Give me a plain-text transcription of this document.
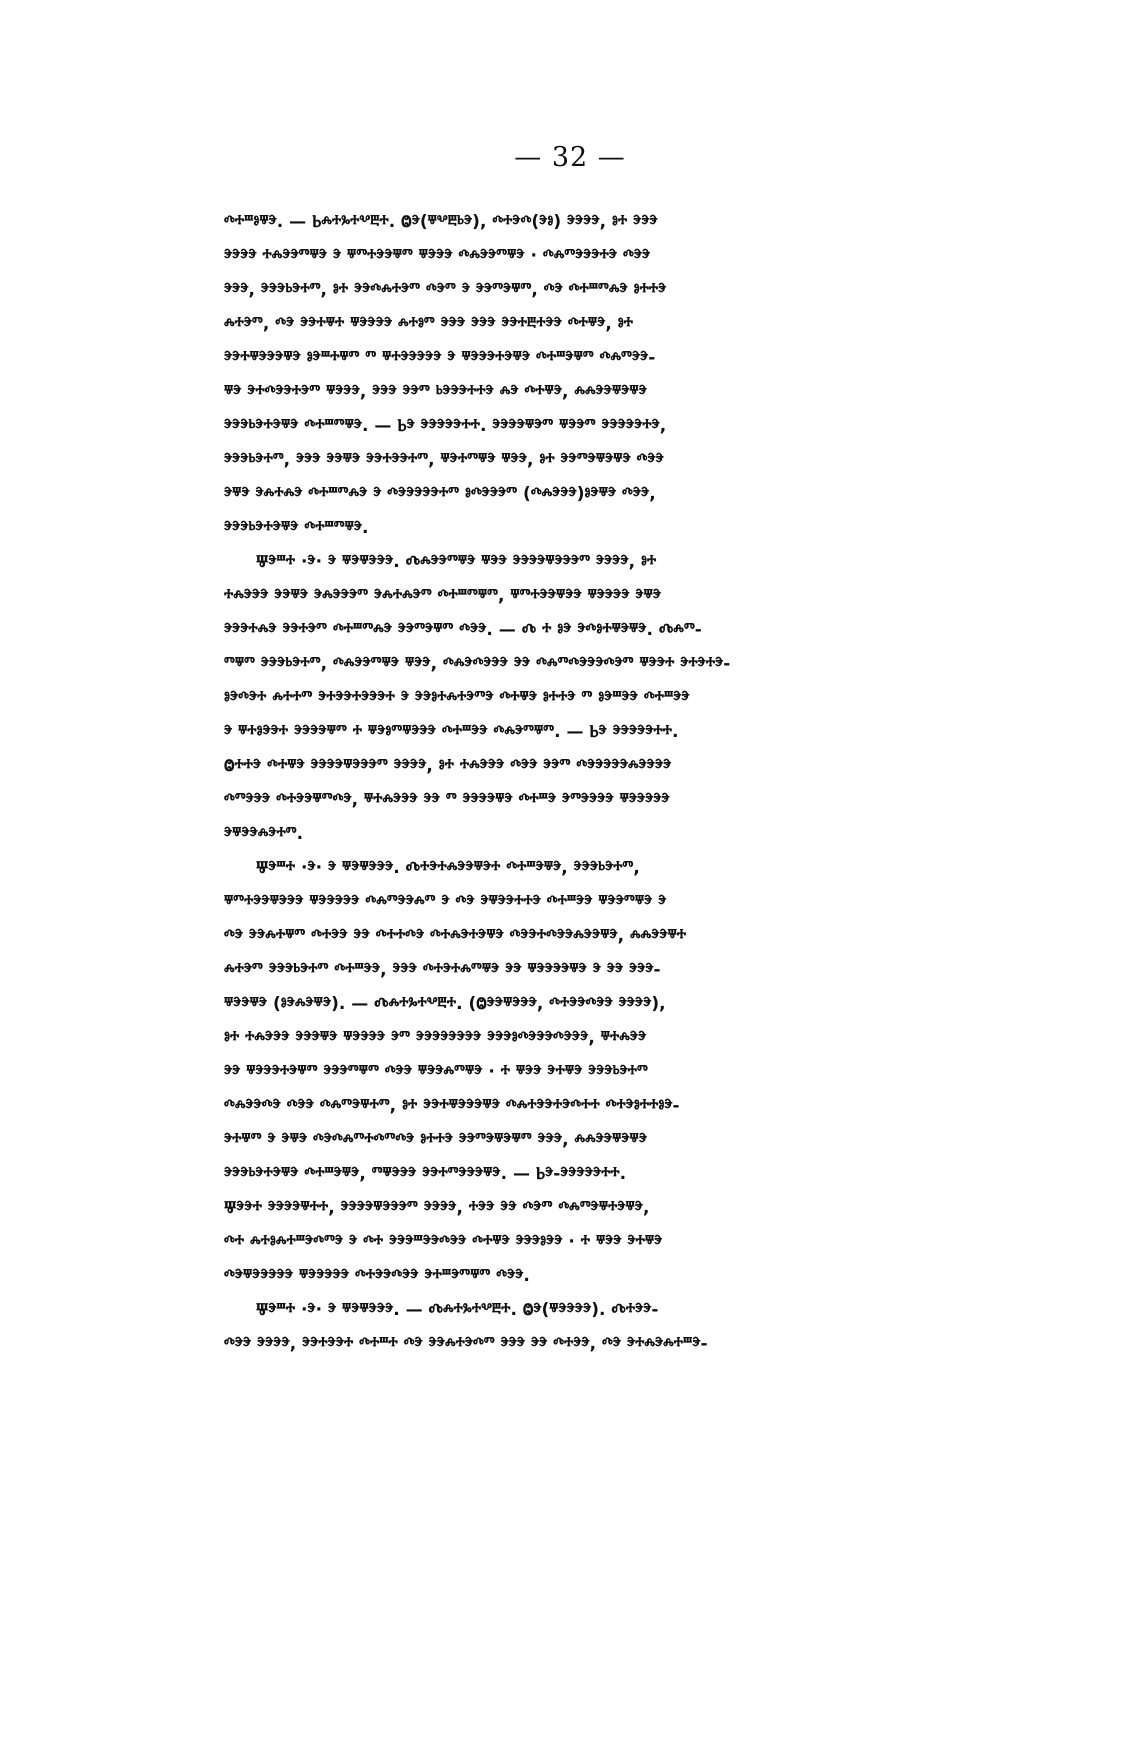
— 32 —
ⰴⰰⱎⱁⱋⰵ. — Ⱃⰾⰰⰳⰰⰲⰱⰰ. Ⱉⰵ(ⱋⰲⰱⱃⰵ), ⰴⰰⰵⰴ(ⰵⱁ) ⰵⰵⰵⰵ, ⱁⰰ ⰵⰵⰵ
ⰵⰵⰵⰵ ⰰⰾⰵⰵⱅⱋⰵ ⰵ ⱋⱅⰰⰵⰵⱋⱅ ⱋⰵⰵⰵ ⰴⰾⰵⰵⱅⱋⰵ · ⰴⰾⱅⰵⰵⰵⰰⰵ ⰴⰵⰵ
ⰵⰵⰵ, ⰵⰵⰵⱃⰵⰰⱅ, ⱁⰰ ⰵⰵⰴⰾⰰⰵⱅ ⰴⰵⱅ ⰵ ⰵⰵⱅⰵⱋⱅ, ⰴⰵ ⰴⰰⱎⱅⰾⰵ ⱁⰰⰰⰵ
ⰾⰰⰵⱅ, ⰴⰵ ⰵⰵⰰⱋⰰ ⱋⰵⰵⰵⰵ ⰾⰰⱁⱅ ⰵⰵⰵ ⰵⰵⰵ ⰵⰵⰰⰱⰰⰵⰵ ⰴⰰⱋⰵ, ⱁⰰ
ⰵⰵⰰⱋⰵⰵⰵⱋⰵ ⱁⰵⱎⰰⱋⱅ ⱅ ⱋⰰⰵⰵⰵⰵⰵ ⰵ ⱋⰵⰵⰵⰰⰵⱋⰵ ⰴⰰⱎⰵⱋⱅ ⰴⰾⱅⰵⰵ-
ⱋⰵ ⰵⰰⰴⰵⰵⰰⰵⱅ ⱋⰵⰵⰵ, ⰵⰵⰵ ⰵⰵⱅ ⱃⰵⰵⰵⰰⰰⰵ ⰾⰵ ⰴⰰⱋⰵ, ⰾⰾⰵⰵⱋⰵⱋⰵ
ⰵⰵⰵⱃⰵⰰⰵⱋⰵ ⰴⰰⱎⱅⱋⰵ. — Ⱃⰵ ⰵⰵⰵⰵⰵⰰⰰ. ⰵⰵⰵⰵⱋⰵⱅ ⱋⰵⰵⱅ ⰵⰵⰵⰵⰵⰰⰵ,
ⰵⰵⰵⱃⰵⰰⱅ, ⰵⰵⰵ ⰵⰵⱋⰵ ⰵⰵⰰⰵⰵⰰⱅ, ⱋⰵⰰⱅⱋⰵ ⱋⰵⰵ, ⱁⰰ ⰵⰵⱅⰵⱋⰵⱋⰵ ⰴⰵⰵ
ⰵⱋⰵ ⰵⰾⰰⰾⰵ ⰴⰰⱎⱅⰾⰵ ⰵ ⰴⰵⰵⰵⰵⰵⰰⱅ ⱁⰴⰵⰵⰵⱅ (ⰴⰾⰵⰵⰵ)ⱁⰵⱋⰵ ⰴⰵⰵ,
ⰵⰵⰵⱃⰵⰰⰵⱋⰵ ⰴⰰⱎⱅⱋⰵ.
Ⱋⰵⱎⰰ ·ⰵ· ⰵ ⱋⰵⱋⰵⰵⰵ. Ⰴⰾⰵⰵⱅⱋⰵ ⱋⰵⰵ ⰵⰵⰵⰵⱋⰵⰵⰵⱅ ⰵⰵⰵⰵ, ⱁⰰ
ⰰⰾⰵⰵⰵ ⰵⰵⱋⰵ ⰵⰾⰵⰵⰵⱅ ⰵⰾⰰⰾⰵⱅ ⰴⰰⱎⱅⱋⱅ, ⱋⱅⰰⰵⰵⱋⰵⰵ ⱋⰵⰵⰵⰵ ⰵⱋⰵ
ⰵⰵⰵⰰⰾⰵ ⰵⰵⰰⰵⱅ ⰴⰰⱎⱅⰾⰵ ⰵⰵⱅⰵⱋⱅ ⰴⰵⰵ. — Ⰴ ⰰ ⱁⰵ ⰵⰴⱁⰰⱋⰵⱋⰵ. Ⰴⰾⱅ-
ⱅⱋⱅ ⰵⰵⰵⱃⰵⰰⱅ, ⰴⰾⰵⰵⱅⱋⰵ ⱋⰵⰵ, ⰴⰾⰵⰴⰵⰵⰵ ⰵⰵ ⰴⰾⱅⰴⰵⰵⰵⰴⰵⱅ ⱋⰵⰵⰰ ⰵⰰⰵⰰⰵ-
ⱁⰵⰴⰵⰰ ⰾⰰⰰⱅ ⰵⰰⰵⰵⰰⰵⰵⰵⰰ ⰵ ⰵⰵⱁⰰⰾⰰⰵⱅⰵ ⰴⰰⱋⰵ ⱁⰰⰰⰵ ⱅ ⱁⰵⱎⰵⰵ ⰴⰰⱎⰵⰵ
ⰵ ⱋⰰⱁⰵⰵⰰ ⰵⰵⰵⰵⱋⱅ ⰰ ⱋⰵⱁⱅⱋⰵⰵⰵ ⰴⰰⱎⰵⰵ ⰴⰾⰵⱅⱋⱅ. — Ⱃⰵ ⰵⰵⰵⰵⰵⰰⰰ.
Ⱉⰰⰰⰵ ⰴⰰⱋⰵ ⰵⰵⰵⰵⱋⰵⰵⰵⱅ ⰵⰵⰵⰵ, ⱁⰰ ⰰⰾⰵⰵⰵ ⰴⰵⰵ ⰵⰵⱅ ⰴⰵⰵⰵⰵⰵⰾⰵⰵⰵⰵ
ⰴⱅⰵⰵⰵ ⰴⰰⰵⰵⱋⱅⰴⰵ, ⱋⰰⰾⰵⰵⰵ ⰵⰵ ⱅ ⰵⰵⰵⰵⱋⰵ ⰴⰰⱎⰵ ⰵⱅⰵⰵⰵⰵ ⱋⰵⰵⰵⰵⰵ
ⰵⱋⰵⰵⰾⰵⰰⱅ.
Ⱋⰵⱎⰰ ·ⰵ· ⰵ ⱋⰵⱋⰵⰵⰵ. Ⰴⰰⰵⰰⰾⰵⰵⱋⰵⰰ ⰴⰰⱎⰵⱋⰵ, ⰵⰵⰵⱃⰵⰰⱅ,
ⱋⱅⰰⰵⰵⱋⰵⰵⰵ ⱋⰵⰵⰵⰵⰵ ⰴⰾⱅⰵⰵⰾⱅ ⰵ ⰴⰵ ⰵⱋⰵⰵⰰⰰⰵ ⰴⰰⱎⰵⰵ ⱋⰵⰵⱅⱋⰵ ⰵ
ⰴⰵ ⰵⰵⰾⰰⱋⱅ ⰴⰰⰵⰵ ⰵⰵ ⰴⰰⰰⰴⰵ ⰴⰰⰾⰵⰰⰵⱋⰵ ⰴⰵⰵⰰⰴⰵⰵⰾⰵⰵⱋⰵ, ⰾⰾⰵⰵⱋⰰ
ⰾⰰⰵⱅ ⰵⰵⰵⱃⰵⰰⱅ ⰴⰰⱎⰵⰵ, ⰵⰵⰵ ⰴⰰⰵⰰⰾⱅⱋⰵ ⰵⰵ ⱋⰵⰵⰵⰵⱋⰵ ⰵ ⰵⰵ ⰵⰵⰵ-
ⱋⰵⰵⱋⰵ (ⱁⰵⰾⰵⱋⰵ). — Ⰴⰾⰰⰳⰰⰲⰱⰰ. (Ⱉⰵⰵⱋⰵⰵⰵ, ⰴⰰⰵⰵⰴⰵⰵ ⰵⰵⰵⰵ),
ⱁⰰ ⰰⰾⰵⰵⰵ ⰵⰵⰵⱋⰵ ⱋⰵⰵⰵⰵ ⰵⱅ ⰵⰵⰵⰵⰵⰵⰵⰵ ⰵⰵⰵⱁⰴⰵⰵⰵⰴⰵⰵⰵ, ⱋⰰⰾⰵⰵ
ⰵⰵ ⱋⰵⰵⰵⰰⰵⱋⱅ ⰵⰵⰵⱅⱋⱅ ⰴⰵⰵ ⱋⰵⰵⰾⱅⱋⰵ · ⰰ ⱋⰵⰵ ⰵⰰⱋⰵ ⰵⰵⰵⱃⰵⰰⱅ
ⰴⰾⰵⰵⰴⰵ ⰴⰵⰵ ⰴⰾⱅⰵⱋⰰⱅ, ⱁⰰ ⰵⰵⰰⱋⰵⰵⰵⱋⰵ ⰴⰾⰰⰵⰵⰰⰵⰴⰰⰰ ⰴⰰⰵⱁⰰⰰⱁⰵ-
ⰵⰰⱋⱅ ⰵ ⰵⱋⰵ ⰴⰵⰴⰾⱅⰰⰴⱅⰴⰵ ⱁⰰⰰⰵ ⰵⰵⱅⰵⱋⰵⱋⱅ ⰵⰵⰵ, ⰾⰾⰵⰵⱋⰵⱋⰵ
ⰵⰵⰵⱃⰵⰰⰵⱋⰵ ⰴⰰⱎⰵⱋⰵ, ⱅⱋⰵⰵⰵ ⰵⰵⰰⱅⰵⰵⰵⱋⰵ. — Ⱃⰵ-ⰵⰵⰵⰵⰵⰰⰰ.
Ⱋⰵⰵⰰ ⰵⰵⰵⰵⱋⰰⰰ, ⰵⰵⰵⰵⱋⰵⰵⰵⱅ ⰵⰵⰵⰵ, ⰰⰵⰵ ⰵⰵ ⰴⰵⱅ ⰴⰾⱅⰵⱋⰰⰵⱋⰵ,
ⰴⰰ ⰾⰰⱁⰾⰰⱎⰵⰴⱅⰵ ⰵ ⰴⰰ ⰵⰵⰵⱎⰵⰵⰴⰵⰵ ⰴⰰⱋⰵ ⰵⰵⰵⱁⰵⰵ · ⰰ ⱋⰵⰵ ⰵⰰⱋⰵ
ⰴⰵⱋⰵⰵⰵⰵⰵ ⱋⰵⰵⰵⰵⰵ ⰴⰰⰵⰵⰴⰵⰵ ⰵⰰⱎⰵⱅⱋⱅ ⰴⰵⰵ.
Ⱋⰵⱎⰰ ·ⰵ· ⰵ ⱋⰵⱋⰵⰵⰵ. — Ⰴⰾⰰⰳⰰⰲⰱⰰ. Ⱉⰵ(ⱋⰵⰵⰵⰵ). Ⰴⰰⰵⰵ-
ⰴⰵⰵ ⰵⰵⰵⰵ, ⰵⰵⰰⰵⰵⰰ ⰴⰰⱎⰰ ⰴⰵ ⰵⰵⰾⰰⰵⰴⱅ ⰵⰵⰵ ⰵⰵ ⰴⰰⰵⰵ, ⰴⰵ ⰵⰰⰾⰵⰾⰰⱎⰵ-
